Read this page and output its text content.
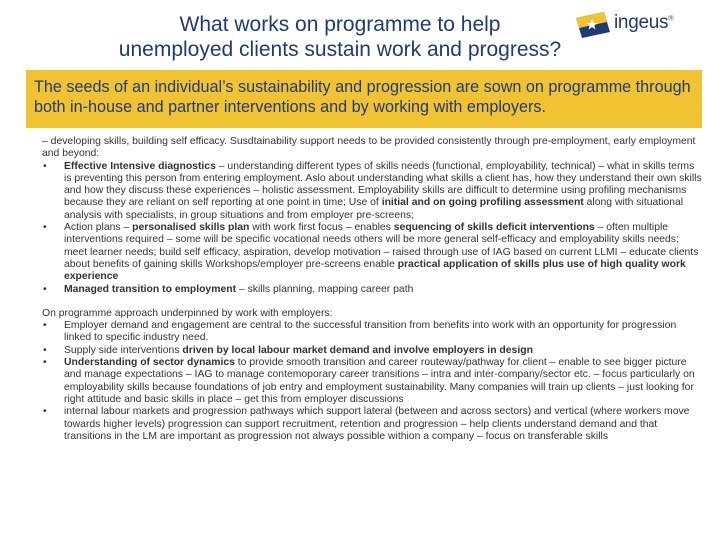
What works on programme to help
unemployed clients sustain work and progress?
ingeus®
The seeds of an individual’s sustainability and progression are sown on programme through both in-house and partner interventions and by working with employers.
– developing skills, building self efficacy. Susdtainability support needs to be provided consistently through pre-employment, early employment and beyond:
• Effective Intensive diagnostics – understanding different types of skills needs (functional, employability, technical) – what in skills terms is preventing this person from entering employment. Aslo about understanding what skills a client has, how they understand their own skills and how they discuss these experiences – holistic assessment. Employability skills are difficult to determine using profiling mechanisms because they are reliant on self reporting at one point in time; Use of initial and on going profiling assessment along with situational analysis with specialists, in group situations and from employer pre-screens;
• Action plans – personalised skills plan with work first focus – enables sequencing of skills deficit interventions – often multiple interventions required – some will be specific vocational needs others will be more general self-efficacy and employability skills needs; meet learner needs; build self efficacy, aspiration, develop motivation – raised through use of IAG based on current LLMI – educate clients about benefits of gaining skills Workshops/employer pre-screens enable practical application of skills plus use of high quality work experience
• Managed transition to employment – skills planning, mapping career path
On programme approach underpinned by work with employers:
• Employer demand and engagement are central to the successful transition from benefits into work with an opportunity for progression linked to specific industry need.
• Supply side interventions driven by local labour market demand and involve employers in design
• Understanding of sector dynamics to provide smooth transition and career routeway/pathway for client – enable to see bigger picture and manage expectations – IAG to manage contemoporary career transitions – intra and inter-company/sector etc. – focus particularly on employability skills because foundations of job entry and employment sustainability. Many companies will train up clients – just looking for right attitude and basic skills in place – get this from employer discussions
• internal labour markets and progression pathways which support lateral (between and across sectors) and vertical (where workers move towards higher levels) progression can support recruitment, retention and progression – help clients understand demand and that transitions in the LM are important as progression not always possible withion a company – focus on transferable skills
